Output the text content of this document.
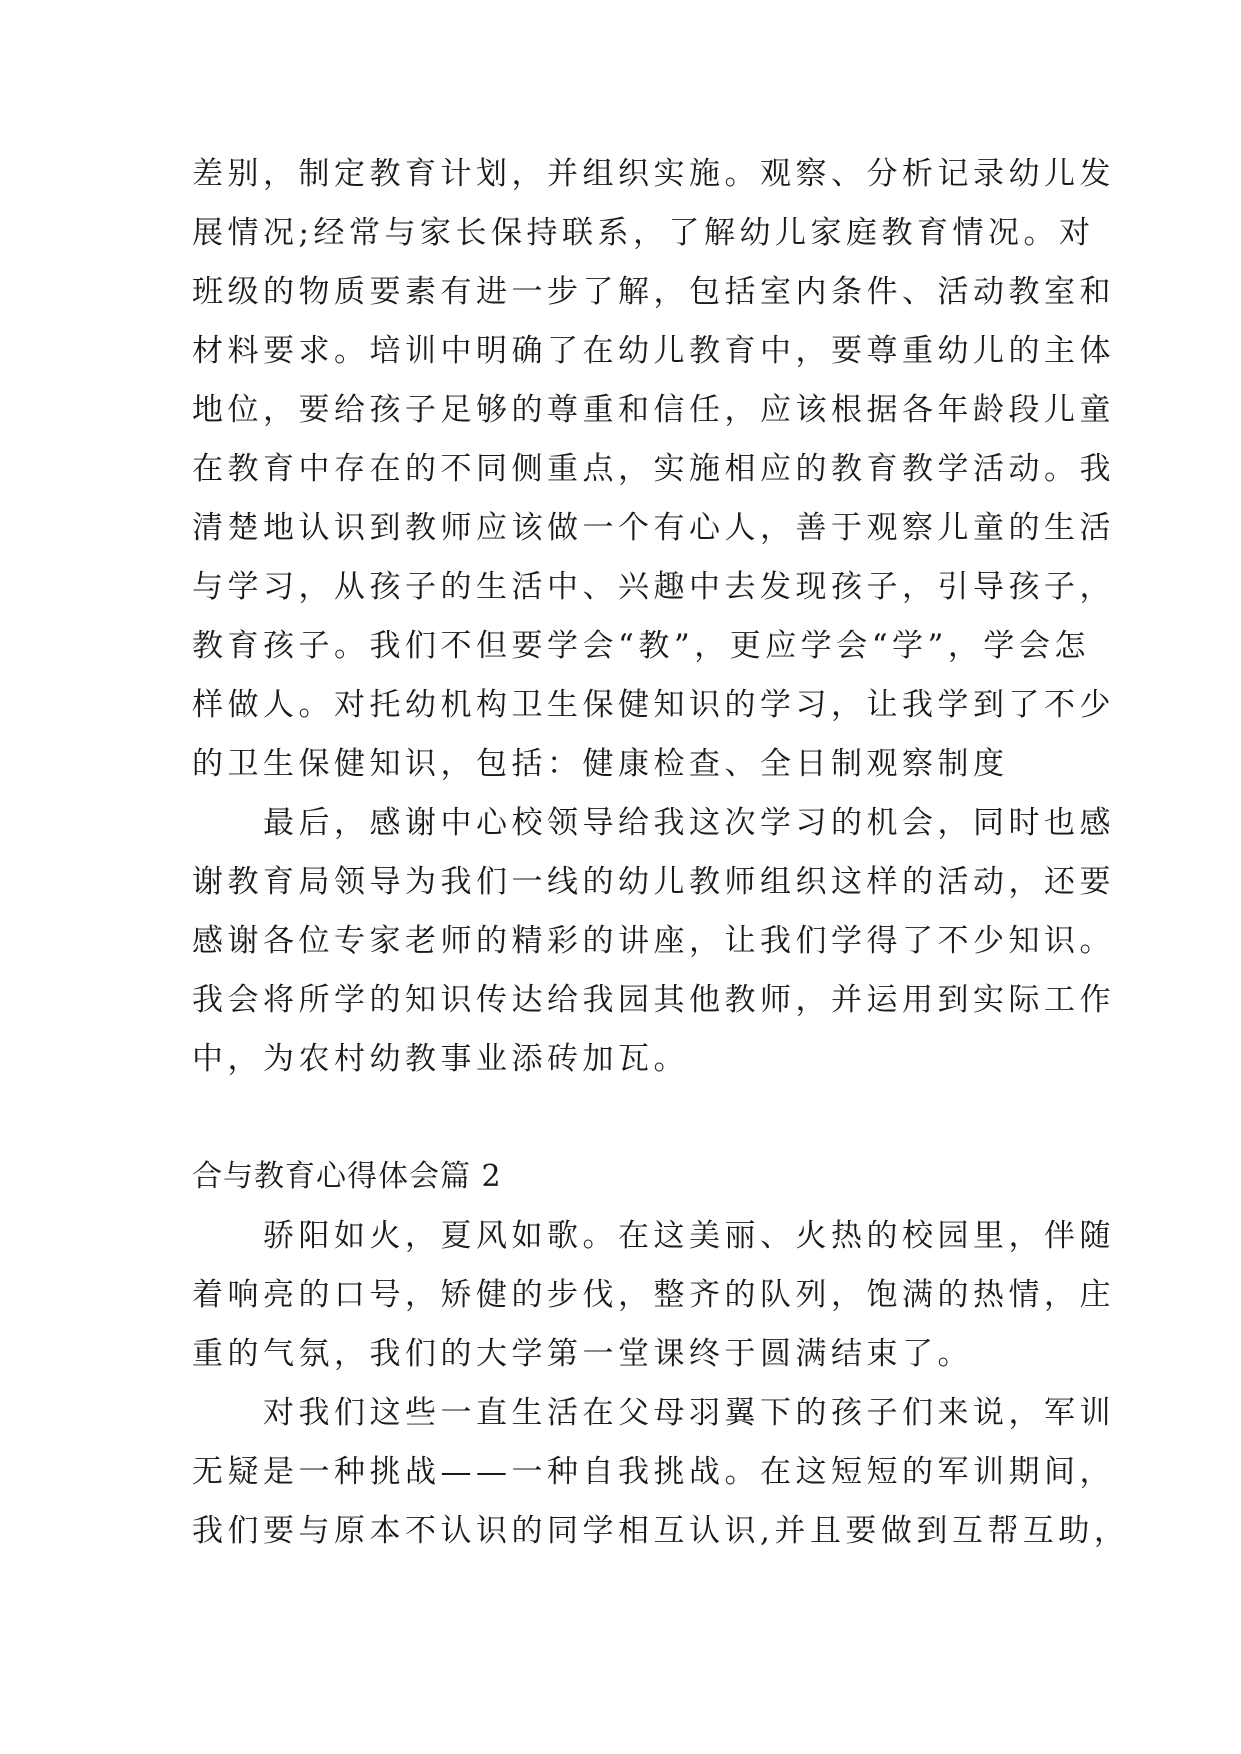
差别，制定教育计划，并组织实施。观察、分析记录幼儿发
展情况;经常与家长保持联系，了解幼儿家庭教育情况。对
班级的物质要素有进一步了解，包括室内条件、活动教室和
材料要求。培训中明确了在幼儿教育中，要尊重幼儿的主体
地位，要给孩子足够的尊重和信任，应该根据各年龄段儿童
在教育中存在的不同侧重点，实施相应的教育教学活动。我
清楚地认识到教师应该做一个有心人，善于观察儿童的生活
与学习，从孩子的生活中、兴趣中去发现孩子，引导孩子，
教育孩子。我们不但要学会“教”，更应学会“学”，学会怎
样做人。对托幼机构卫生保健知识的学习，让我学到了不少
的卫生保健知识，包括：健康检查、全日制观察制度
　　最后，感谢中心校领导给我这次学习的机会，同时也感
谢教育局领导为我们一线的幼儿教师组织这样的活动，还要
感谢各位专家老师的精彩的讲座，让我们学得了不少知识。
我会将所学的知识传达给我园其他教师，并运用到实际工作
中，为农村幼教事业添砖加瓦。
合与教育心得体会篇 2
　　骄阳如火，夏风如歌。在这美丽、火热的校园里，伴随
着响亮的口号，矫健的步伐，整齐的队列，饱满的热情，庄
重的气氛，我们的大学第一堂课终于圆满结束了。
　　对我们这些一直生活在父母羽翼下的孩子们来说，军训
无疑是一种挑战——一种自我挑战。在这短短的军训期间，
我们要与原本不认识的同学相互认识,并且要做到互帮互助，
